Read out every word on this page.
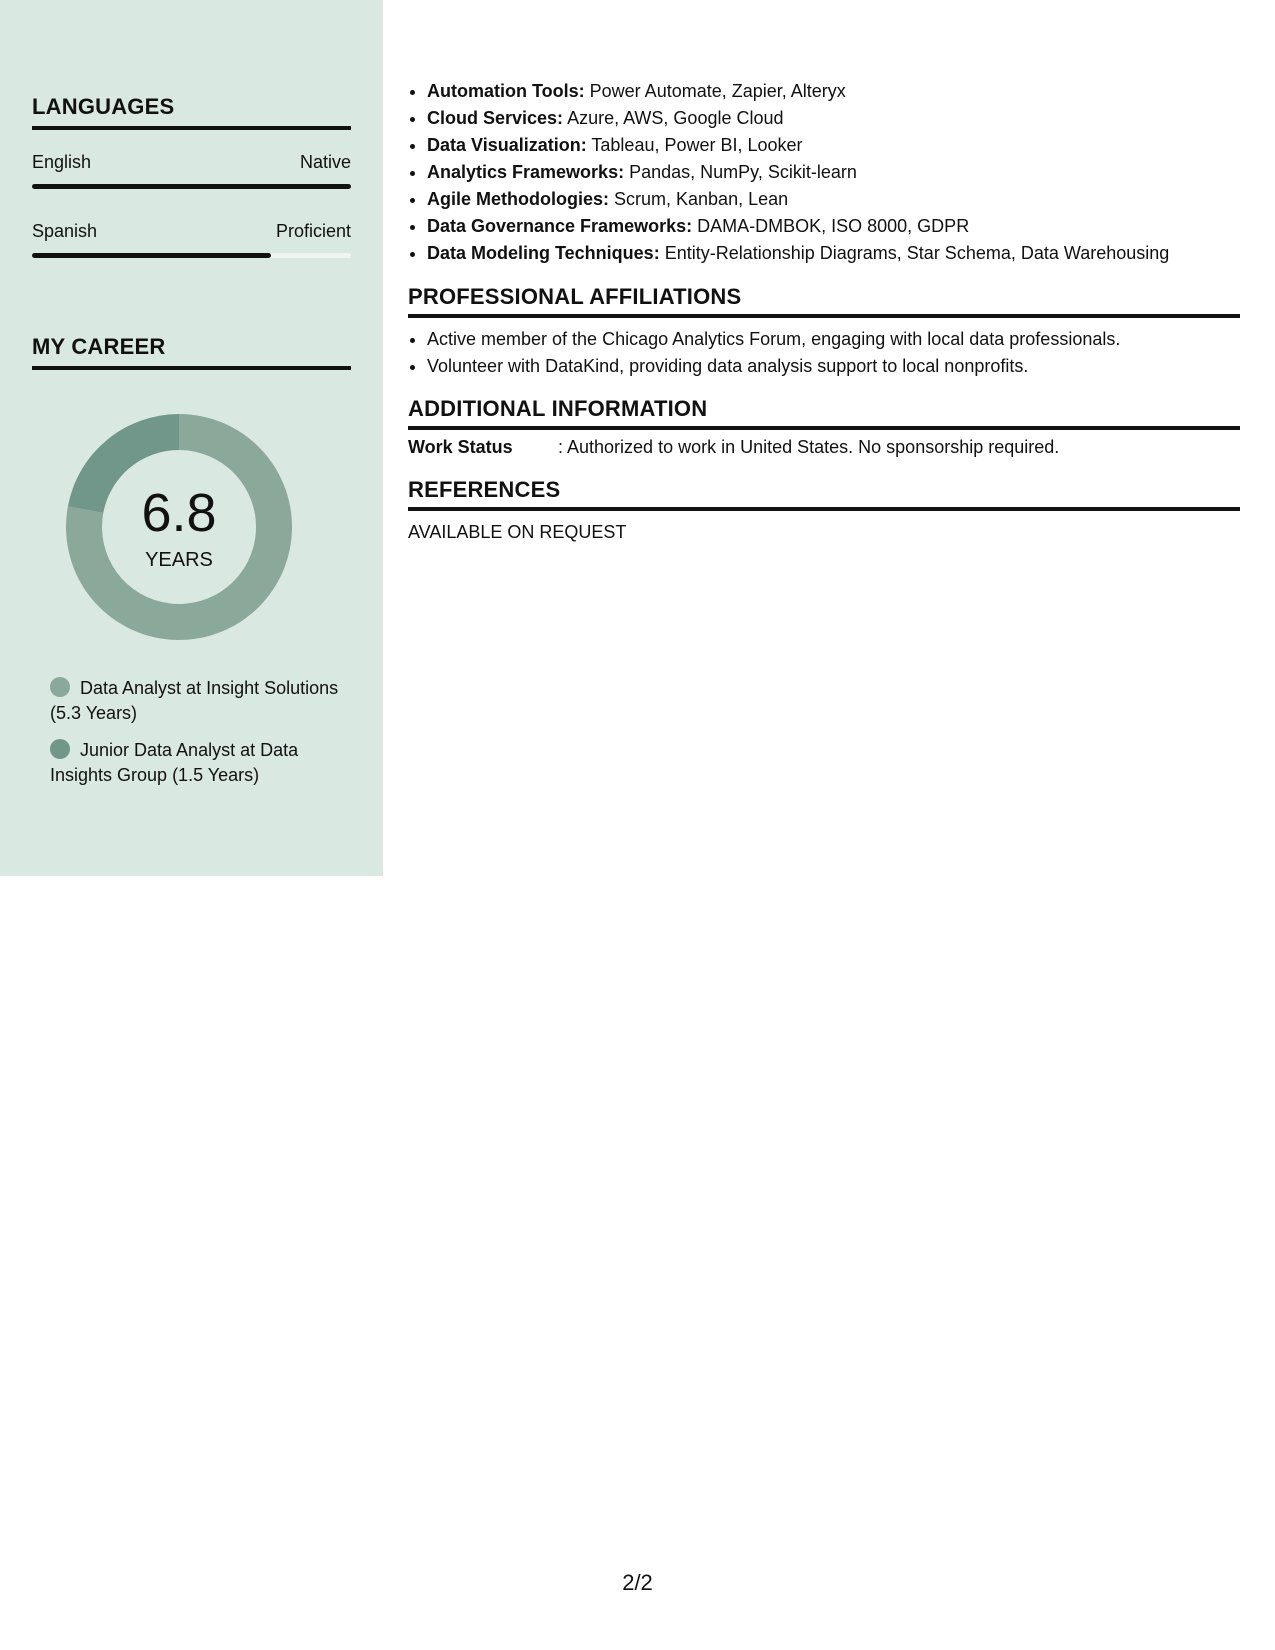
LANGUAGES
English	Native
Spanish	Proficient
MY CAREER
6.8
YEARS
Data Analyst at Insight Solutions (5.3 Years)
Junior Data Analyst at Data Insights Group (1.5 Years)
• Automation Tools: Power Automate, Zapier, Alteryx
• Cloud Services: Azure, AWS, Google Cloud
• Data Visualization: Tableau, Power BI, Looker
• Analytics Frameworks: Pandas, NumPy, Scikit-learn
• Agile Methodologies: Scrum, Kanban, Lean
• Data Governance Frameworks: DAMA-DMBOK, ISO 8000, GDPR
• Data Modeling Techniques: Entity-Relationship Diagrams, Star Schema, Data Warehousing
PROFESSIONAL AFFILIATIONS
• Active member of the Chicago Analytics Forum, engaging with local data professionals.
• Volunteer with DataKind, providing data analysis support to local nonprofits.
ADDITIONAL INFORMATION
Work Status	: Authorized to work in United States. No sponsorship required.
REFERENCES
AVAILABLE ON REQUEST
2/2
